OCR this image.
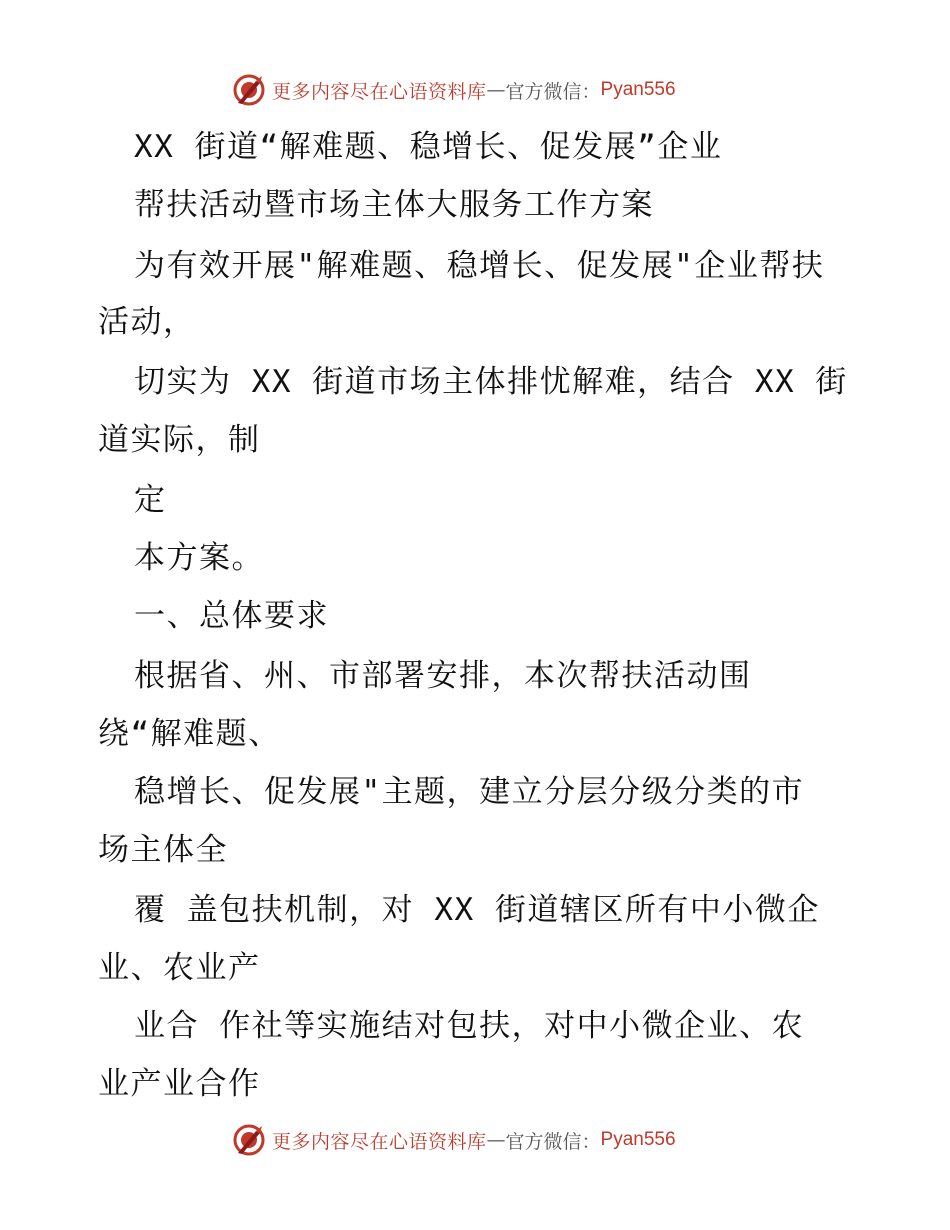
更多内容尽在心语资料库 — 官方微信： Pyan556
XX 街道“解难题、稳增长、促发展”企业
帮扶活动暨市场主体大服务工作方案
为有效开展"解难题、稳增长、促发展"企业帮扶
活动，
切实为 XX 街道市场主体排忧解难，结合 XX 街
道实际，制
定
本方案。
一、总体要求
根据省、州、市部署安排，本次帮扶活动围
绕“解难题、
稳增长、促发展"主题，建立分层分级分类的市
场主体全
覆 盖包扶机制，对 XX 街道辖区所有中小微企
业、农业产
业合 作社等实施结对包扶，对中小微企业、农
业产业合作
更多内容尽在心语资料库 — 官方微信： Pyan556
